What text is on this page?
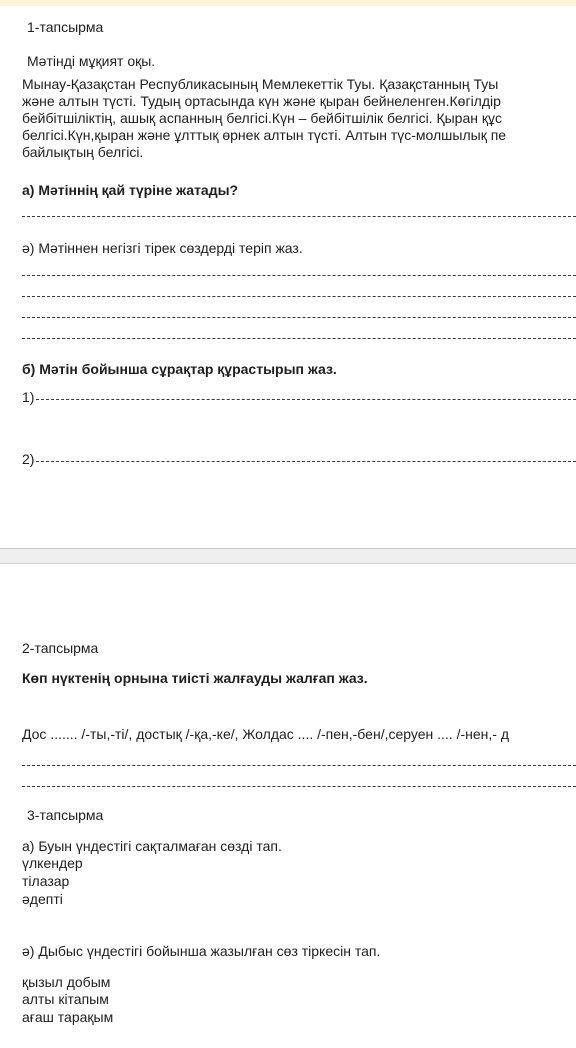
1-тапсырма
Мәтінді мұқият оқы.
Мынау-Қазақстан Республикасының Мемлекеттік Туы. Қазақстанның Туы
және алтын түсті. Тудың ортасында күн және қыран бейнеленген.Көгілдір
бейбітшіліктің, ашық аспанның белгісі.Күн – бейбітшілік белгісі. Қыран құс
белгісі.Күн,қыран және ұлттық өрнек алтын түсті. Алтын түс-молшылық пе
байлықтың белгісі.
а) Мәтіннің қай түріне жатады?
ә) Мәтіннен негізгі тірек сөздерді теріп жаз.
б) Мәтін бойынша сұрақтар құрастырып жаз.
1)
2)
2-тапсырма
Көп нүктенің орнына тиісті жалғауды жалғап жаз.
Дос ....... /-ты,-ті/, достық /-қа,-ке/, Жолдас .... /-пен,-бен/,серуен .... /-нен,- д
3-тапсырма
а) Буын үндестігі сақталмаған сөзді тап.
үлкендер
тілазар
әдепті
ә) Дыбыс үндестігі бойынша жазылған сөз тіркесін тап.
қызыл добым
алты кітапым
ағаш тарақым
